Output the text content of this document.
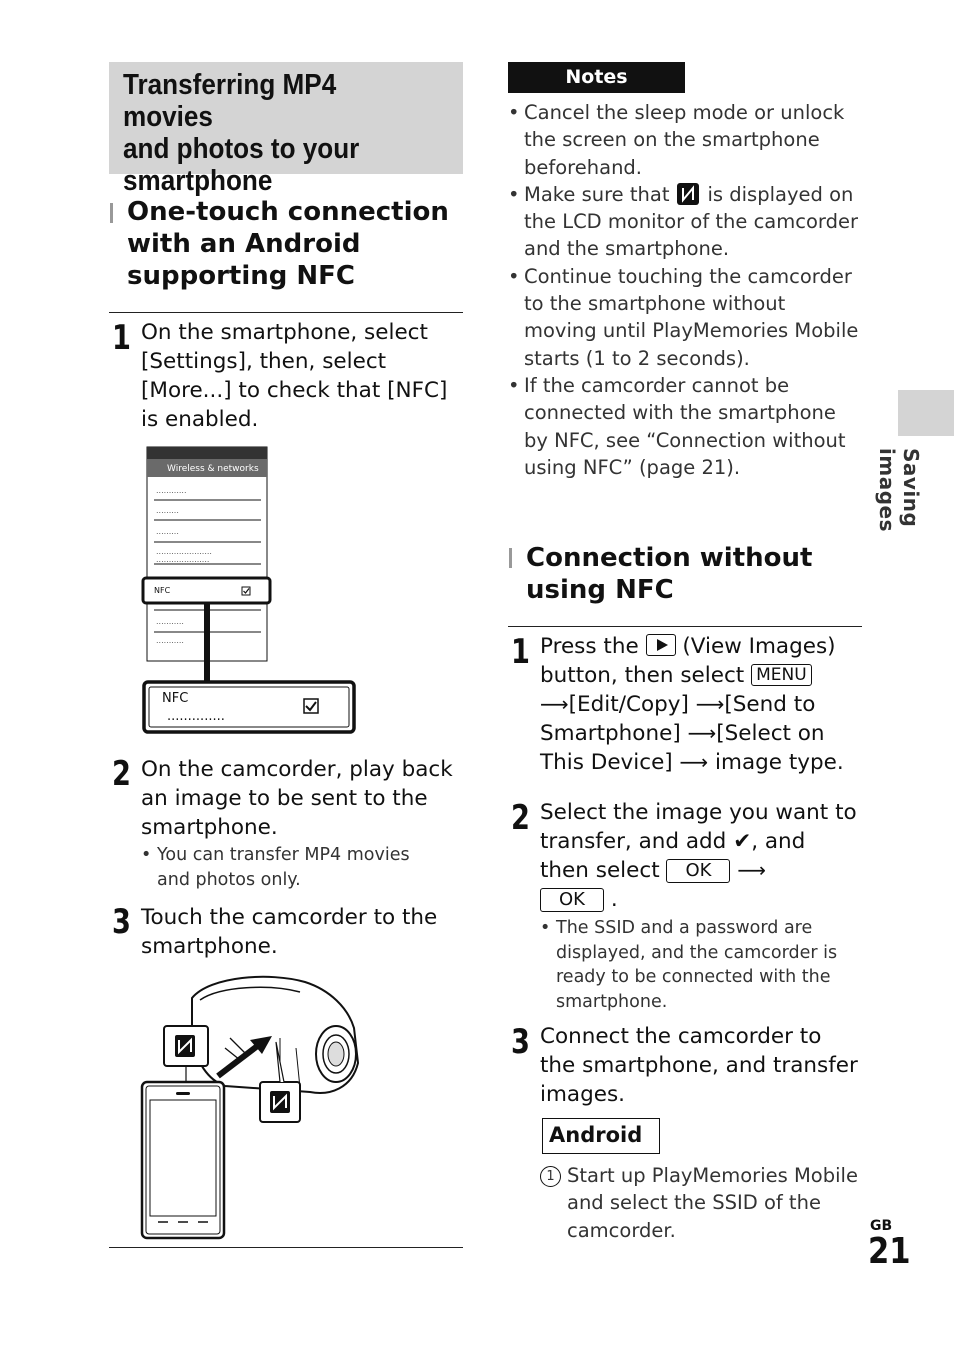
Transferring MP4 movies
and photos to your
smartphone
One-touch connection
with an Android
supporting NFC
1 On the smartphone, select [Settings], then, select [More...] to check that [NFC] is enabled.
............
.........
.........
......................
.....................
...........
...........
..............
Wireless & networks
NFC
NFC
2 On the camcorder, play back an image to be sent to the smartphone.
• You can transfer MP4 movies and photos only.
3 Touch the camcorder to the smartphone.
Notes
• Cancel the sleep mode or unlock the screen on the smartphone beforehand.
• Make sure that is displayed on the LCD monitor of the camcorder and the smartphone.
• Continue touching the camcorder to the smartphone without moving until PlayMemories Mobile starts (1 to 2 seconds).
• If the camcorder cannot be connected with the smartphone by NFC, see “Connection without using NFC” (page 21).
Connection without
using NFC
1 Press the (View Images)
button, then select MENU
⟶[Edit/Copy] ⟶[Send to
Smartphone] ⟶[Select on
This Device] ⟶ image type.
2 Select the image you want to
transfer, and add ✔, and
then select OK ⟶
OK .
• The SSID and a password are displayed, and the camcorder is ready to be connected with the smartphone.
3 Connect the camcorder to the smartphone, and transfer images.
Android
1 Start up PlayMemories Mobile and select the SSID of the camcorder.
Saving images
GB
21
